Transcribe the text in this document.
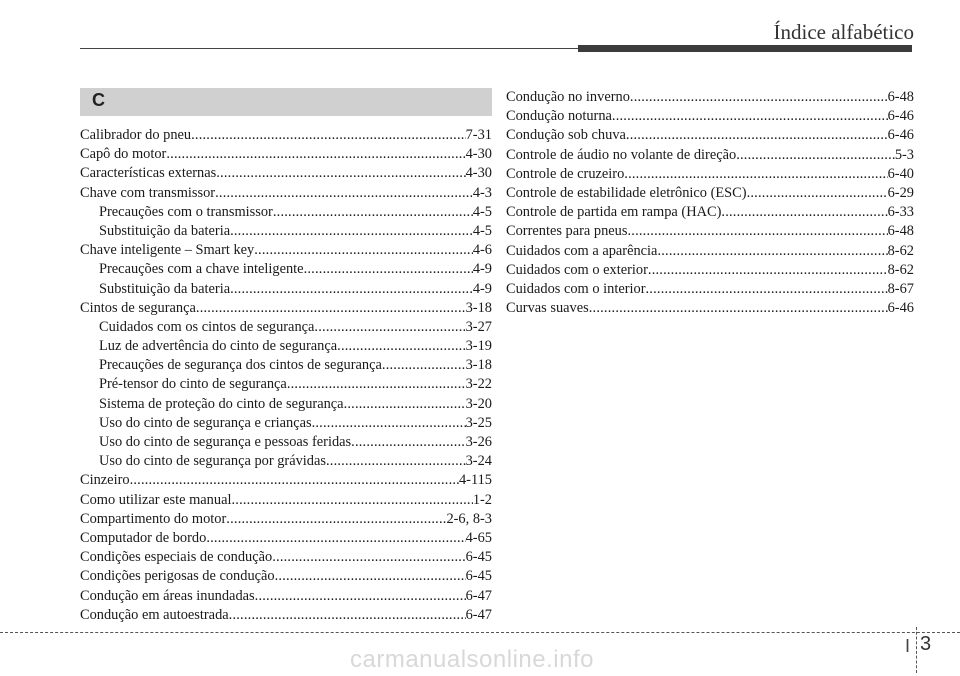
Índice alfabético
C
Calibrador do pneu .....	7-31
Capô do motor .....	4-30
Características externas .....	4-30
Chave com transmissor .....	4-3
Precauções com o transmissor .....	4-5
Substituição da bateria .....	4-5
Chave inteligente – Smart key .....	4-6
Precauções com a chave inteligente .....	4-9
Substituição da bateria .....	4-9
Cintos de segurança .....	3-18
Cuidados com os cintos de segurança .....	3-27
Luz de advertência do cinto de segurança .....	3-19
Precauções de segurança dos cintos de segurança .....	3-18
Pré-tensor do cinto de segurança .....	3-22
Sistema de proteção do cinto de segurança .....	3-20
Uso do cinto de segurança e crianças .....	3-25
Uso do cinto de segurança e pessoas feridas .....	3-26
Uso do cinto de segurança por grávidas .....	3-24
Cinzeiro .....	4-115
Como utilizar este manual .....	1-2
Compartimento do motor .....	2-6, 8-3
Computador de bordo .....	4-65
Condições especiais de condução .....	6-45
Condições perigosas de condução .....	6-45
Condução em áreas inundadas .....	6-47
Condução em autoestrada .....	6-47
Condução no inverno .....	6-48
Condução noturna .....	6-46
Condução sob chuva .....	6-46
Controle de áudio no volante de direção .....	5-3
Controle de cruzeiro .....	6-40
Controle de estabilidade eletrônico (ESC) .....	6-29
Controle de partida em rampa (HAC) .....	6-33
Correntes para pneus .....	6-48
Cuidados com a aparência .....	8-62
Cuidados com o exterior .....	8-62
Cuidados com o interior .....	8-67
Curvas suaves .....	6-46
I 3
carmanualsonline.info
